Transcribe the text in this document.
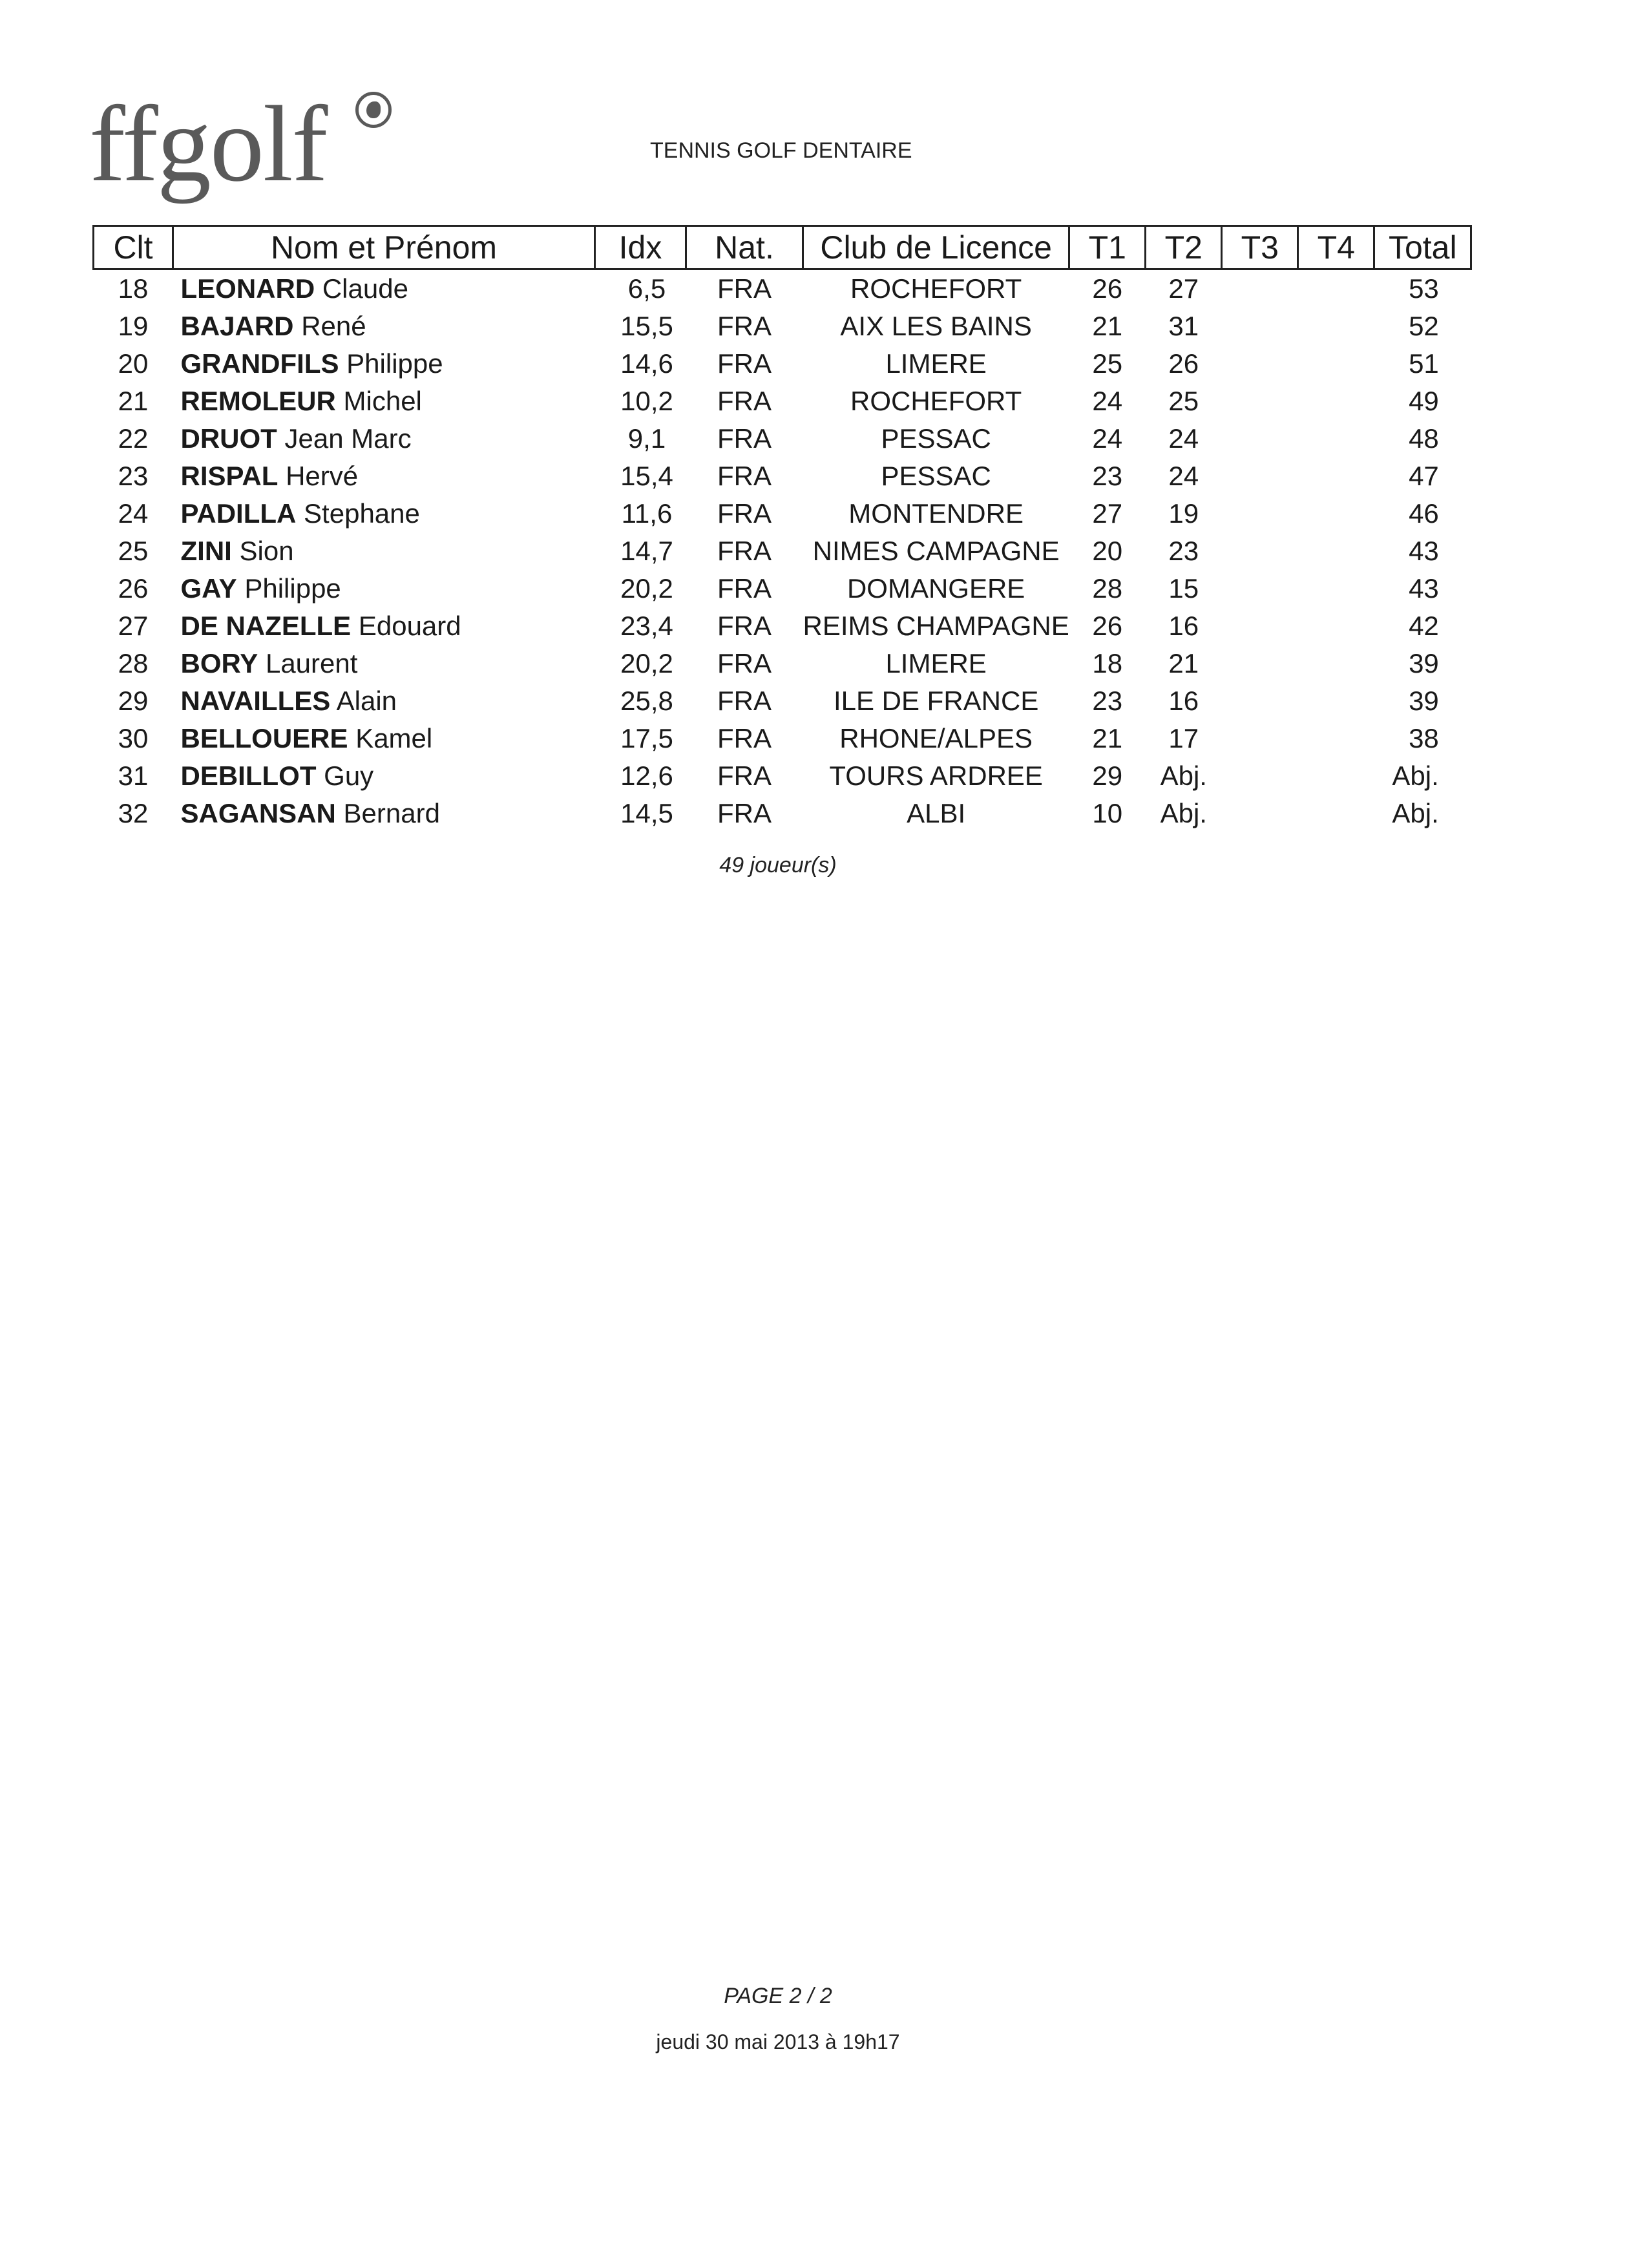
ffgolf	TENNIS GOLF DENTAIRE
Clt	Nom et Prénom	Idx	Nat.	Club de Licence	T1	T2	T3	T4	Total
18	LEONARD Claude	6,5	FRA	ROCHEFORT	26	27			53
19	BAJARD René	15,5	FRA	AIX LES BAINS	21	31			52
20	GRANDFILS Philippe	14,6	FRA	LIMERE	25	26			51
21	REMOLEUR Michel	10,2	FRA	ROCHEFORT	24	25			49
22	DRUOT Jean Marc	9,1	FRA	PESSAC	24	24			48
23	RISPAL Hervé	15,4	FRA	PESSAC	23	24			47
24	PADILLA Stephane	11,6	FRA	MONTENDRE	27	19			46
25	ZINI Sion	14,7	FRA	NIMES CAMPAGNE	20	23			43
26	GAY Philippe	20,2	FRA	DOMANGERE	28	15			43
27	DE NAZELLE Edouard	23,4	FRA	REIMS CHAMPAGNE	26	16			42
28	BORY Laurent	20,2	FRA	LIMERE	18	21			39
29	NAVAILLES Alain	25,8	FRA	ILE DE FRANCE	23	16			39
30	BELLOUERE Kamel	17,5	FRA	RHONE/ALPES	21	17			38
31	DEBILLOT Guy	12,6	FRA	TOURS ARDREE	29	Abj.			Abj.
32	SAGANSAN Bernard	14,5	FRA	ALBI	10	Abj.			Abj.
49 joueur(s)
PAGE 2 / 2
jeudi 30 mai 2013 à 19h17
